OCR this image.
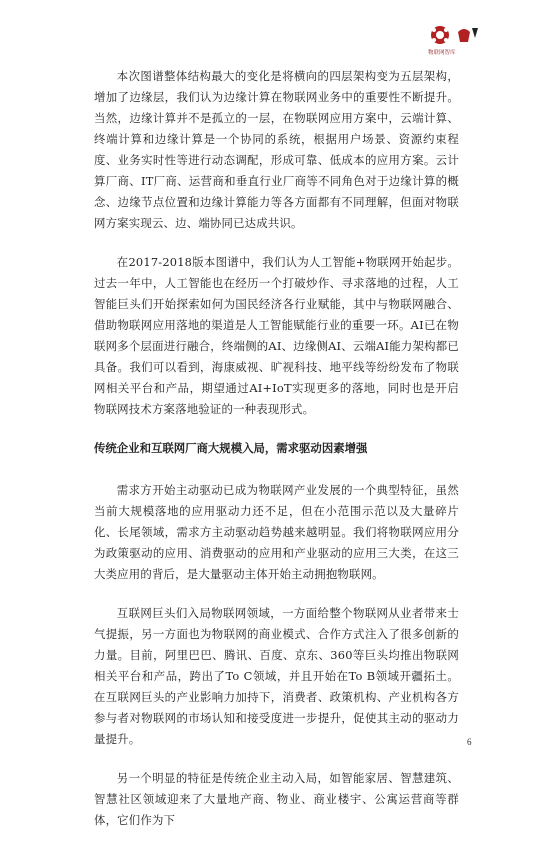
物联网智库

本次图谱整体结构最大的变化是将横向的四层架构变为五层架构，增加了边缘层，我们认为边缘计算在物联网业务中的重要性不断提升。当然，边缘计算并不是孤立的一层，在物联网应用方案中，云端计算、终端计算和边缘计算是一个协同的系统，根据用户场景、资源约束程度、业务实时性等进行动态调配，形成可靠、低成本的应用方案。云计算厂商、IT厂商、运营商和垂直行业厂商等不同角色对于边缘计算的概念、边缘节点位置和边缘计算能力等各方面都有不同理解，但面对物联网方案实现云、边、端协同已达成共识。

在2017-2018版本图谱中，我们认为人工智能+物联网开始起步。过去一年中，人工智能也在经历一个打破炒作、寻求落地的过程，人工智能巨头们开始探索如何为国民经济各行业赋能，其中与物联网融合、借助物联网应用落地的渠道是人工智能赋能行业的重要一环。AI已在物联网多个层面进行融合，终端侧的AI、边缘侧AI、云端AI能力架构都已具备。我们可以看到，海康威视、旷视科技、地平线等纷纷发布了物联网相关平台和产品，期望通过AI+IoT实现更多的落地，同时也是开启物联网技术方案落地验证的一种表现形式。

传统企业和互联网厂商大规模入局，需求驱动因素增强

需求方开始主动驱动已成为物联网产业发展的一个典型特征，虽然当前大规模落地的应用驱动力还不足，但在小范围示范以及大量碎片化、长尾领域，需求方主动驱动趋势越来越明显。我们将物联网应用分为政策驱动的应用、消费驱动的应用和产业驱动的应用三大类，在这三大类应用的背后，是大量驱动主体开始主动拥抱物联网。

互联网巨头们入局物联网领域，一方面给整个物联网从业者带来士气提振，另一方面也为物联网的商业模式、合作方式注入了很多创新的力量。目前，阿里巴巴、腾讯、百度、京东、360等巨头均推出物联网相关平台和产品，跨出了To C领域，并且开始在To B领域开疆拓土。在互联网巨头的产业影响力加持下，消费者、政策机构、产业机构各方参与者对物联网的市场认知和接受度进一步提升，促使其主动的驱动力量提升。

另一个明显的特征是传统企业主动入局，如智能家居、智慧建筑、智慧社区领域迎来了大量地产商、物业、商业楼宇、公寓运营商等群体，它们作为下

6
